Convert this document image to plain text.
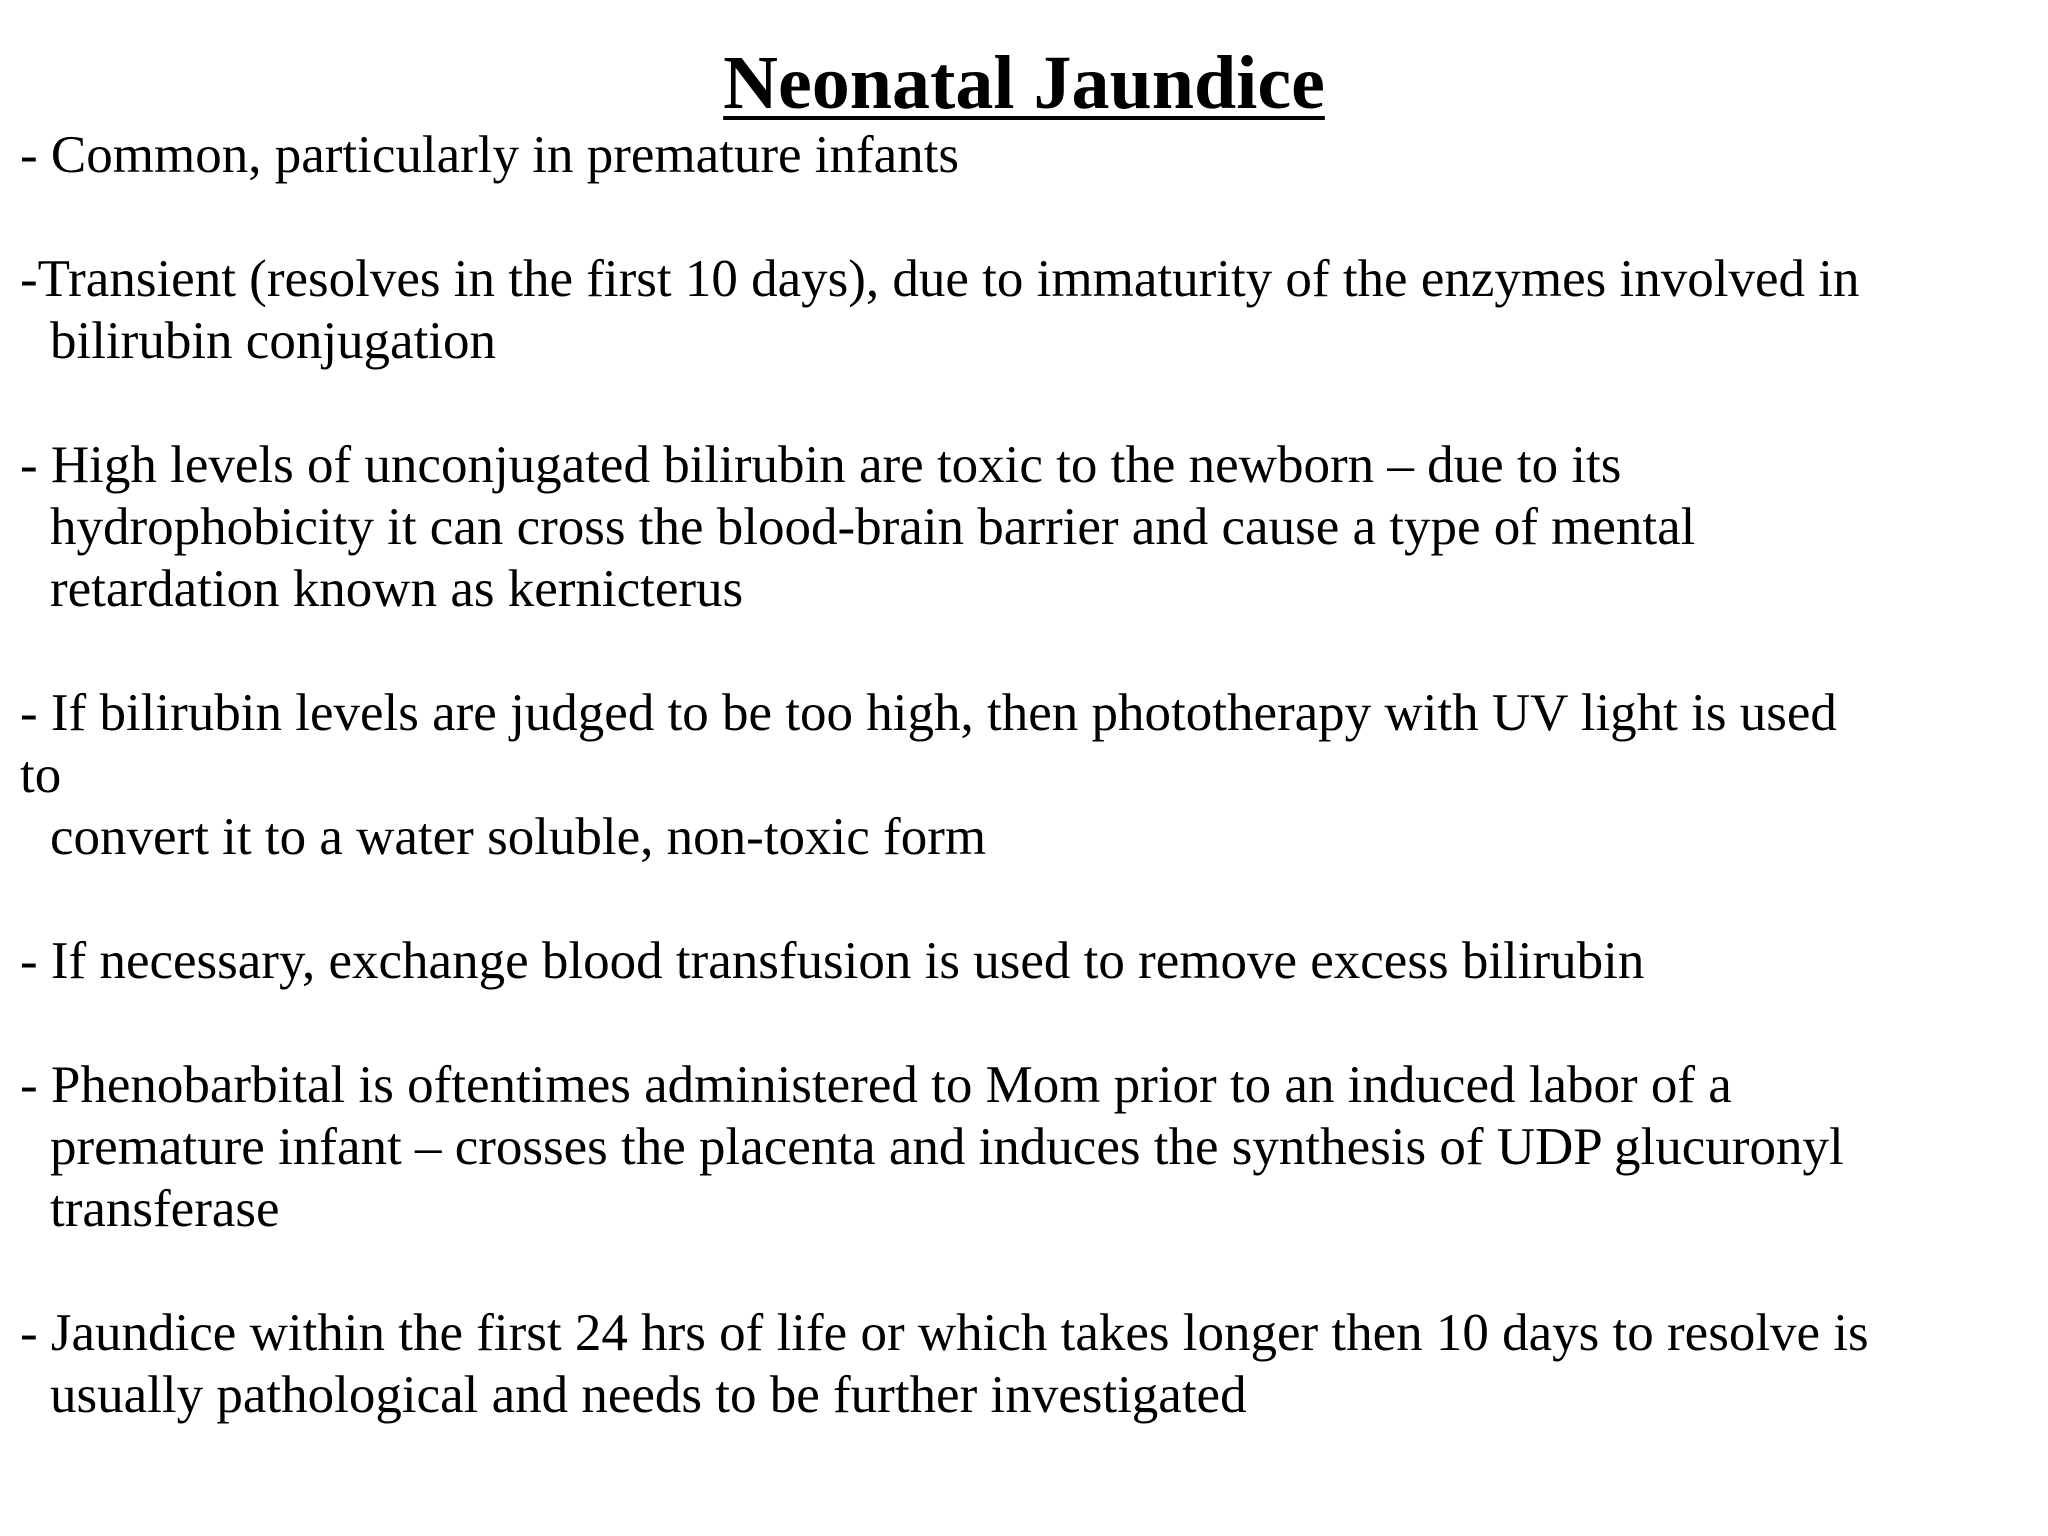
Neonatal Jaundice

- Common, particularly in premature infants

-Transient (resolves in the first 10 days), due to immaturity of the enzymes involved in

bilirubin conjugation

- High levels of unconjugated bilirubin are toxic to the newborn – due to its

hydrophobicity it can cross the blood-brain barrier and cause a type of mental

retardation known as kernicterus

- If bilirubin levels are judged to be too high, then phototherapy with UV light is used

to

convert it to a water soluble, non-toxic form

- If necessary, exchange blood transfusion is used to remove excess bilirubin

- Phenobarbital is oftentimes administered to Mom prior to an induced labor of a

premature infant – crosses the placenta and induces the synthesis of UDP glucuronyl

transferase

- Jaundice within the first 24 hrs of life or which takes longer then 10 days to resolve is

usually pathological and needs to be further investigated
